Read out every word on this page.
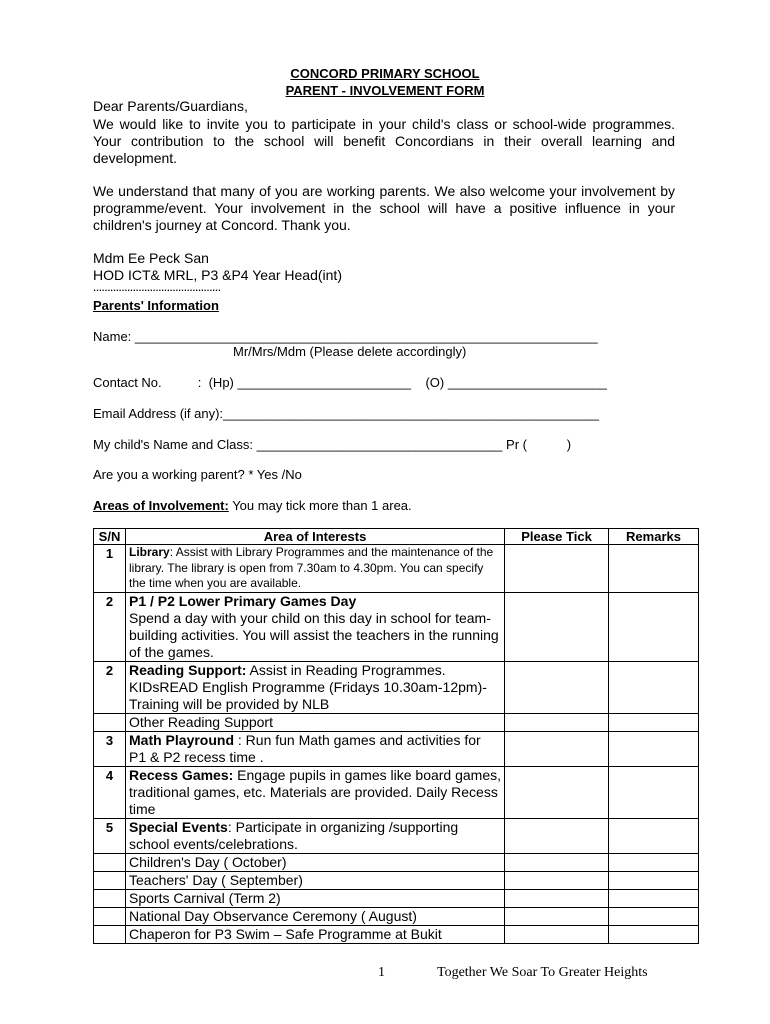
CONCORD PRIMARY SCHOOL
PARENT - INVOLVEMENT FORM
Dear Parents/Guardians,
We would like to invite you to participate in your child's class or school-wide programmes. Your contribution to the school will benefit Concordians in their overall learning and development.
We understand that many of you are working parents. We also welcome your involvement by programme/event. Your involvement in the school will have a positive influence in your children's journey at Concord. Thank you.
Mdm Ee Peck San
HOD ICT& MRL, P3 &P4 Year Head(int)
………………………………………
Parents' Information
Name: ________________________________________________________________
Mr/Mrs/Mdm (Please delete accordingly)
Contact No.          :  (Hp) ________________________    (O) ______________________
Email Address (if any):____________________________________________________
My child's Name and Class: __________________________________ Pr (           )
Are you a working parent? * Yes /No
Areas of Involvement: You may tick more than 1 area.
S/N	Area of Interests	Please Tick	Remarks
1	Library: Assist with Library Programmes and the maintenance of the library. The library is open from 7.30am to 4.30pm. You can specify the time when you are available.		
2	P1 / P2 Lower Primary Games Day
Spend a day with your child on this day in school for team-building activities. You will assist the teachers in the running of the games.		
2	Reading Support: Assist in Reading Programmes. KIDsREAD English Programme (Fridays 10.30am-12pm)- Training will be provided by NLB		
	Other Reading Support		
3	Math Playround : Run fun Math games and activities for P1 & P2 recess time .		
4	Recess Games: Engage pupils in games like board games, traditional games, etc. Materials are provided. Daily Recess time		
5	Special Events: Participate in organizing /supporting school events/celebrations.		
	Children's Day ( October)		
	Teachers' Day ( September)		
	Sports Carnival (Term 2)		
	National Day Observance Ceremony ( August)		
	Chaperon for P3 Swim – Safe Programme at Bukit		
1	Together We Soar To Greater Heights
